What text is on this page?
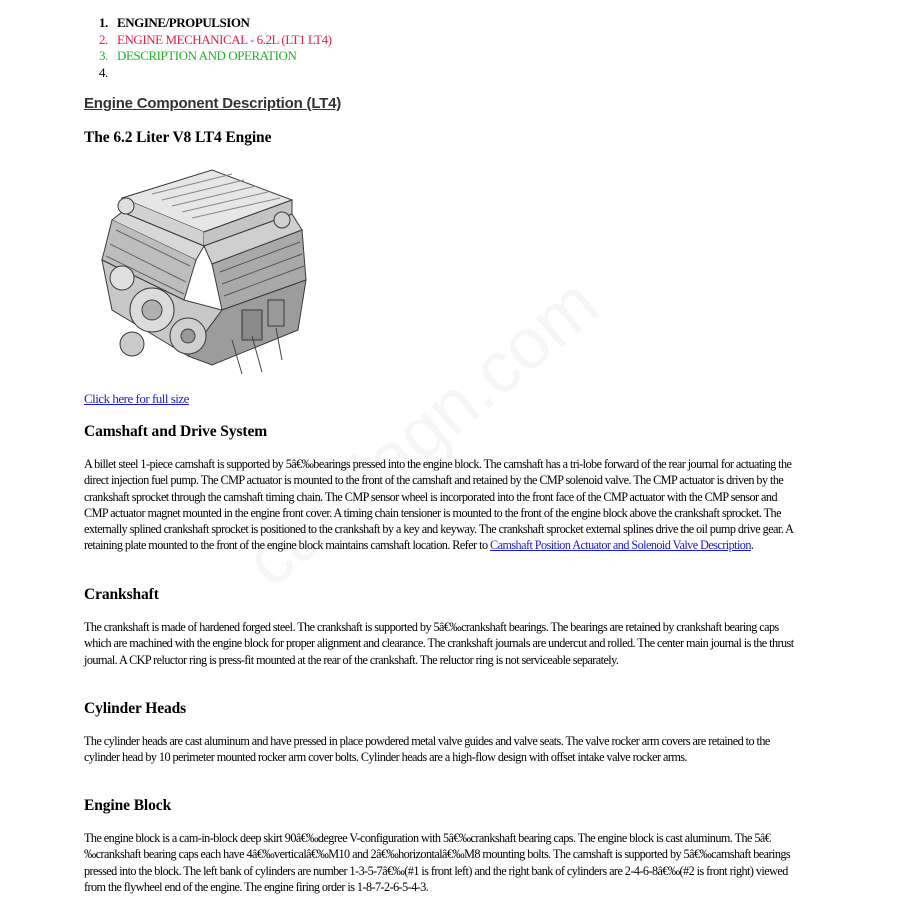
1. ENGINE/PROPULSION
2. ENGINE MECHANICAL - 6.2L (LT1 LT4)
3. DESCRIPTION AND OPERATION
4.
Engine Component Description (LT4)
The 6.2 Liter V8 LT4 Engine
Click here for full size
Camshaft and Drive System

A billet steel 1-piece camshaft is supported by 5â€‰bearings pressed into the engine block. The camshaft has a tri-lobe forward of the rear journal for actuating the direct injection fuel pump. The CMP actuator is mounted to the front of the camshaft and retained by the CMP solenoid valve. The CMP actuator is driven by the crankshaft sprocket through the camshaft timing chain. The CMP sensor wheel is incorporated into the front face of the CMP actuator with the CMP sensor and CMP actuator magnet mounted in the engine front cover. A timing chain tensioner is mounted to the front of the engine block above the crankshaft sprocket. The externally splined crankshaft sprocket is positioned to the crankshaft by a key and keyway. The crankshaft sprocket external splines drive the oil pump drive gear. A retaining plate mounted to the front of the engine block maintains camshaft location. Refer to Camshaft Position Actuator and Solenoid Valve Description.

Crankshaft

The crankshaft is made of hardened forged steel. The crankshaft is supported by 5â€‰crankshaft bearings. The bearings are retained by crankshaft bearing caps which are machined with the engine block for proper alignment and clearance. The crankshaft journals are undercut and rolled. The center main journal is the thrust journal. A CKP reluctor ring is press-fit mounted at the rear of the crankshaft. The reluctor ring is not serviceable separately.

Cylinder Heads

The cylinder heads are cast aluminum and have pressed in place powdered metal valve guides and valve seats. The valve rocker arm covers are retained to the cylinder head by 10 perimeter mounted rocker arm cover bolts. Cylinder heads are a high-flow design with offset intake valve rocker arms.

Engine Block

The engine block is a cam-in-block deep skirt 90â€‰degree V-configuration with 5â€‰crankshaft bearing caps. The engine block is cast aluminum. The 5â€‰crankshaft bearing caps each have 4â€‰verticalâ€‰M10 and 2â€‰horizontalâ€‰M8 mounting bolts. The camshaft is supported by 5â€‰camshaft bearings pressed into the block. The left bank of cylinders are number 1-3-5-7â€‰(#1 is front left) and the right bank of cylinders are 2-4-6-8â€‰(#2 is front right) viewed from the flywheel end of the engine. The engine firing order is 1-8-7-2-6-5-4-3.
